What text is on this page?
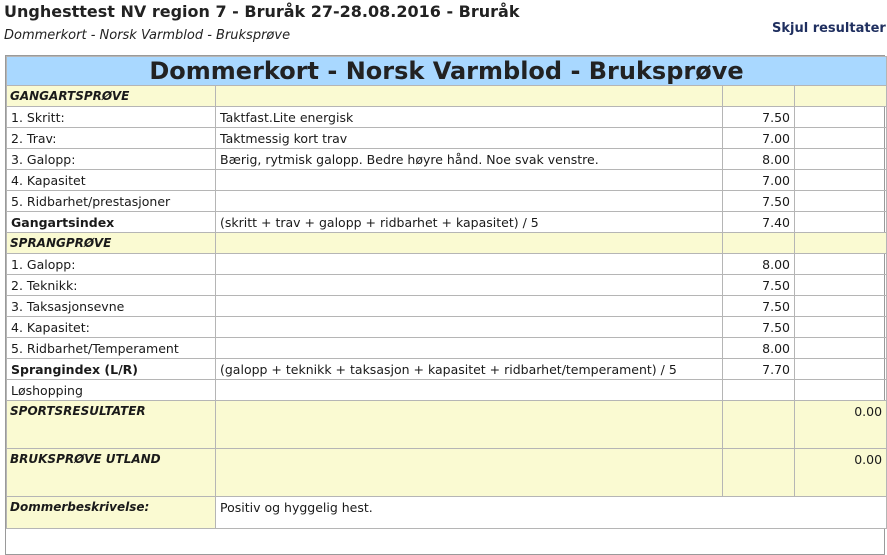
Unghesttest NV region 7 - Bruråk 27-28.08.2016 - Bruråk
Dommerkort - Norsk Varmblod - Bruksprøve	Skjul resultater
Dommerkort - Norsk Varmblod - Bruksprøve			
GANGARTSPRØVE			
1. Skritt:	Taktfast.Lite energisk	7.50	
2. Trav:	Taktmessig kort trav	7.00	
3. Galopp:	Bærig, rytmisk galopp. Bedre høyre hånd. Noe svak venstre.	8.00	
4. Kapasitet		7.00	
5. Ridbarhet/prestasjoner		7.50	
Gangartsindex	(skritt + trav + galopp + ridbarhet + kapasitet) / 5	7.40	
SPRANGPRØVE			
1. Galopp:		8.00	
2. Teknikk:		7.50	
3. Taksasjonsevne		7.50	
4. Kapasitet:		7.50	
5. Ridbarhet/Temperament		8.00	
Sprangindex (L/R)	(galopp + teknikk + taksasjon + kapasitet + ridbarhet/temperament) / 5	7.70	
Løshopping			
SPORTSRESULTATER			0.00
BRUKSPRØVE UTLAND			0.00
Dommerbeskrivelse:	Positiv og hyggelig hest.		
